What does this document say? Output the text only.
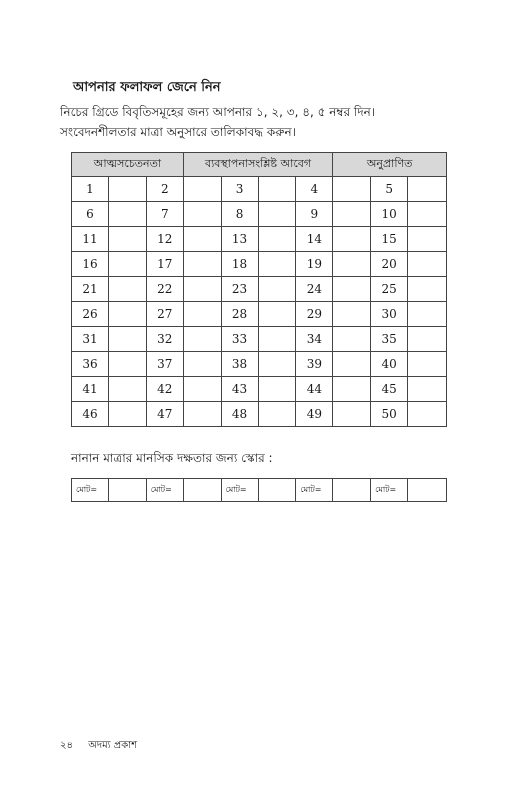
আপনার ফলাফল জেনে নিন
নিচের গ্রিডে বিবৃতিসমূহের জন্য আপনার ১, ২, ৩, ৪, ৫ নম্বর দিন। সংবেদনশীলতার মাত্রা অনুসারে তালিকাবদ্ধ করুন।
আত্মসচেতনতা			ব্যবস্থাপনাসংশ্লিষ্ট আবেগ				অনুপ্রাণিত		
1		2		3		4		5	
6		7		8		9		10	
11		12		13		14		15	
16		17		18		19		20	
21		22		23		24		25	
26		27		28		29		30	
31		32		33		34		35	
36		37		38		39		40	
41		42		43		44		45	
46		47		48		49		50	
নানান মাত্রার মানসিক দক্ষতার জন্য স্কোর :
মোট=		মোট=		মোট=		মোট=		মোট=	
২৪ অদম্য প্রকাশ
